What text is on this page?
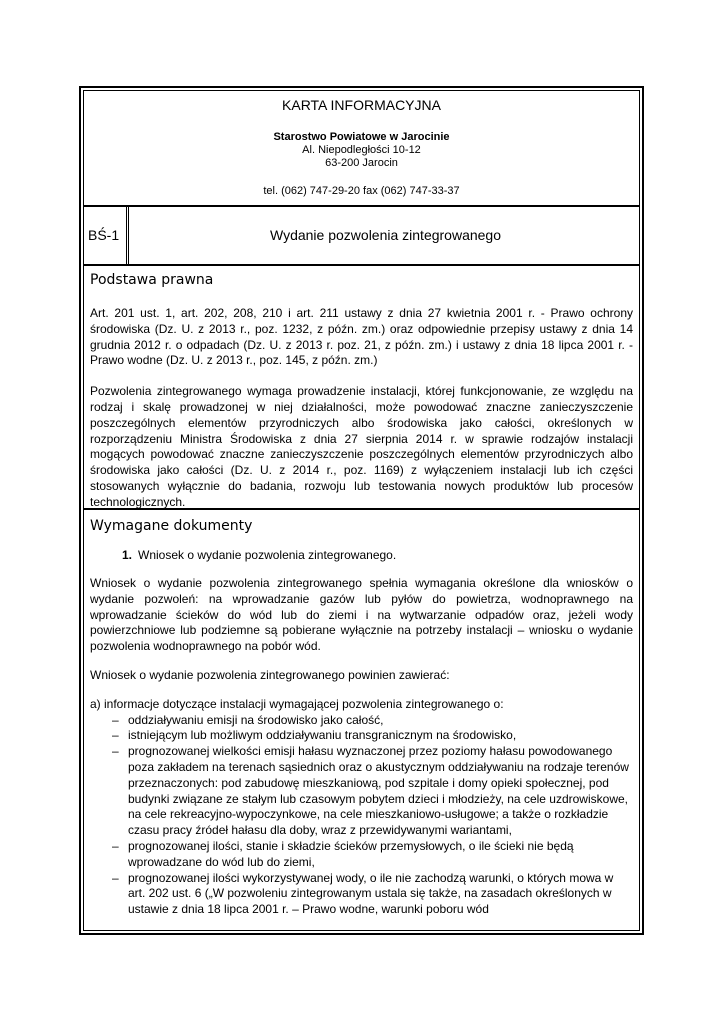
KARTA INFORMACYJNA
Starostwo Powiatowe w Jarocinie
Al. Niepodległości 10-12
63-200 Jarocin
tel. (062) 747-29-20 fax (062) 747-33-37
BŚ-1	Wydanie pozwolenia zintegrowanego
Podstawa prawna

Art. 201 ust. 1, art. 202, 208, 210 i art. 211 ustawy z dnia 27 kwietnia 2001 r. - Prawo ochrony środowiska (Dz. U. z 2013 r., poz. 1232, z późn. zm.) oraz odpowiednie przepisy ustawy z dnia 14 grudnia 2012 r. o odpadach (Dz. U. z 2013 r. poz. 21, z późn. zm.) i ustawy z dnia 18 lipca 2001 r. - Prawo wodne (Dz. U. z 2013 r., poz. 145, z późn. zm.)

Pozwolenia zintegrowanego wymaga prowadzenie instalacji, której funkcjonowanie, ze względu na rodzaj i skalę prowadzonej w niej działalności, może powodować znaczne zanieczyszczenie poszczególnych elementów przyrodniczych albo środowiska jako całości, określonych w rozporządzeniu Ministra Środowiska z dnia 27 sierpnia 2014 r. w sprawie rodzajów instalacji mogących powodować znaczne zanieczyszczenie poszczególnych elementów przyrodniczych albo środowiska jako całości (Dz. U. z 2014 r., poz. 1169) z wyłączeniem instalacji lub ich części stosowanych wyłącznie do badania, rozwoju lub testowania nowych produktów lub procesów technologicznych.

Wymagane dokumenty
1. Wniosek o wydanie pozwolenia zintegrowanego.

Wniosek o wydanie pozwolenia zintegrowanego spełnia wymagania określone dla wniosków o wydanie pozwoleń: na wprowadzanie gazów lub pyłów do powietrza, wodnoprawnego na wprowadzanie ścieków do wód lub do ziemi i na wytwarzanie odpadów oraz, jeżeli wody powierzchniowe lub podziemne są pobierane wyłącznie na potrzeby instalacji – wniosku o wydanie pozwolenia wodnoprawnego na pobór wód.

Wniosek o wydanie pozwolenia zintegrowanego powinien zawierać:

a) informacje dotyczące instalacji wymagającej pozwolenia zintegrowanego o:

– oddziaływaniu emisji na środowisko jako całość,
– istniejącym lub możliwym oddziaływaniu transgranicznym na środowisko,
– prognozowanej wielkości emisji hałasu wyznaczonej przez poziomy hałasu powodowanego poza zakładem na terenach sąsiednich oraz o akustycznym oddziaływaniu na rodzaje terenów przeznaczonych: pod zabudowę mieszkaniową, pod szpitale i domy opieki społecznej, pod budynki związane ze stałym lub czasowym pobytem dzieci i młodzieży, na cele uzdrowiskowe, na cele rekreacyjno-wypoczynkowe, na cele mieszkaniowo-usługowe; a także o rozkładzie czasu pracy źródeł hałasu dla doby, wraz z przewidywanymi wariantami,
– prognozowanej ilości, stanie i składzie ścieków przemysłowych, o ile ścieki nie będą wprowadzane do wód lub do ziemi,
– prognozowanej ilości wykorzystywanej wody, o ile nie zachodzą warunki, o których mowa w art. 202 ust. 6 („W pozwoleniu zintegrowanym ustala się także, na zasadach określonych w ustawie z dnia 18 lipca 2001 r. – Prawo wodne, warunki poboru wód
